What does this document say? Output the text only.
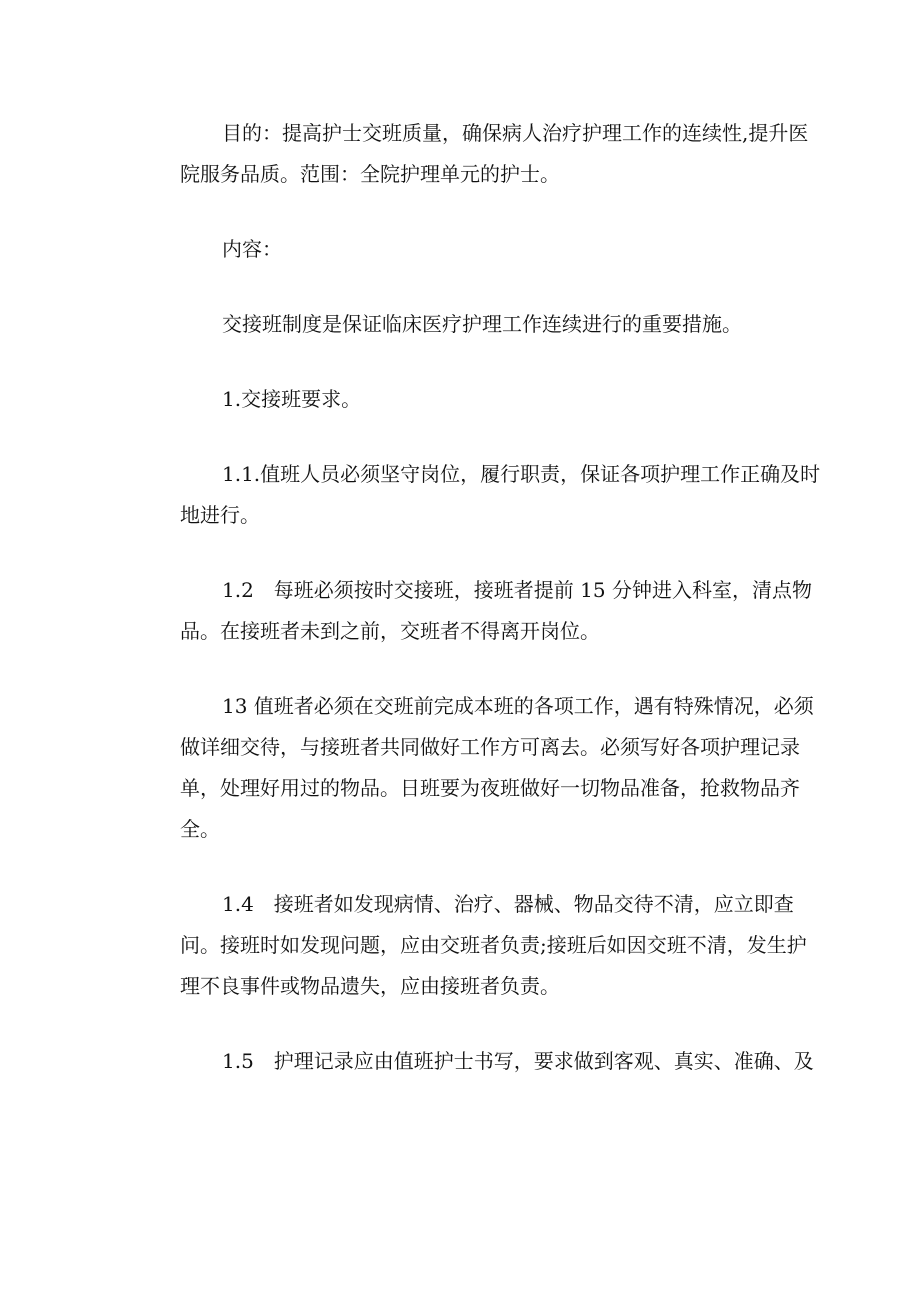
目的：提高护士交班质量，确保病人治疗护理工作的连续性,提升医
院服务品质。范围：全院护理单元的护士。

内容：

交接班制度是保证临床医疗护理工作连续进行的重要措施。

1.交接班要求。

1.1.值班人员必须坚守岗位，履行职责，保证各项护理工作正确及时
地进行。

1.2　每班必须按时交接班，接班者提前 15 分钟进入科室，清点物
品。在接班者未到之前，交班者不得离开岗位。

13 值班者必须在交班前完成本班的各项工作，遇有特殊情况，必须
做详细交待，与接班者共同做好工作方可离去。必须写好各项护理记录
单，处理好用过的物品。日班要为夜班做好一切物品准备，抢救物品齐
全。

1.4　接班者如发现病情、治疗、器械、物品交待不清，应立即查
问。接班时如发现问题，应由交班者负责;接班后如因交班不清，发生护
理不良事件或物品遗失，应由接班者负责。

1.5　护理记录应由值班护士书写，要求做到客观、真实、准确、及
